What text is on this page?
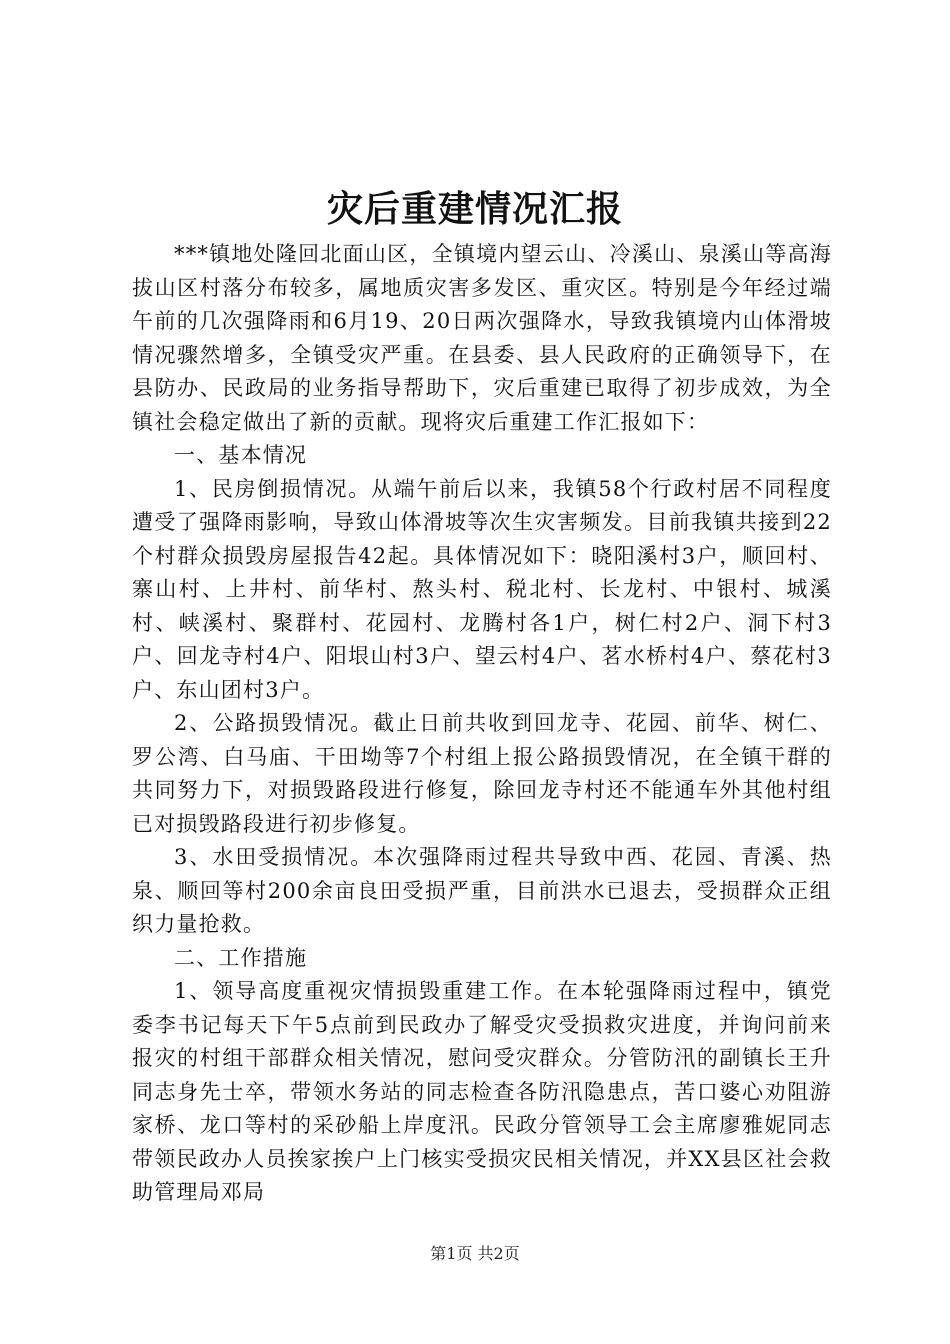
灾后重建情况汇报

***镇地处隆回北面山区，全镇境内望云山、冷溪山、泉溪山等高海拔山区村落分布较多，属地质灾害多发区、重灾区。特别是今年经过端午前的几次强降雨和6月19、20日两次强降水，导致我镇境内山体滑坡情况骤然增多，全镇受灾严重。在县委、县人民政府的正确领导下，在县防办、民政局的业务指导帮助下，灾后重建已取得了初步成效，为全镇社会稳定做出了新的贡献。现将灾后重建工作汇报如下：

一、基本情况

1、民房倒损情况。从端午前后以来，我镇58个行政村居不同程度遭受了强降雨影响，导致山体滑坡等次生灾害频发。目前我镇共接到22个村群众损毁房屋报告42起。具体情况如下：晓阳溪村3户，顺回村、寨山村、上井村、前华村、熬头村、税北村、长龙村、中银村、城溪村、峡溪村、聚群村、花园村、龙腾村各1户，树仁村2户、洞下村3户、回龙寺村4户、阳垠山村3户、望云村4户、茗水桥村4户、蔡花村3户、东山团村3户。

2、公路损毁情况。截止日前共收到回龙寺、花园、前华、树仁、罗公湾、白马庙、干田坳等7个村组上报公路损毁情况，在全镇干群的共同努力下，对损毁路段进行修复，除回龙寺村还不能通车外其他村组已对损毁路段进行初步修复。

3、水田受损情况。本次强降雨过程共导致中西、花园、青溪、热泉、顺回等村200余亩良田受损严重，目前洪水已退去，受损群众正组织力量抢救。

二、工作措施

1、领导高度重视灾情损毁重建工作。在本轮强降雨过程中，镇党委李书记每天下午5点前到民政办了解受灾受损救灾进度，并询问前来报灾的村组干部群众相关情况，慰问受灾群众。分管防汛的副镇长王升同志身先士卒，带领水务站的同志检查各防汛隐患点，苦口婆心劝阻游家桥、龙口等村的采砂船上岸度汛。民政分管领导工会主席廖雅妮同志带领民政办人员挨家挨户上门核实受损灾民相关情况，并XX县区社会救助管理局邓局

第1页 共2页
